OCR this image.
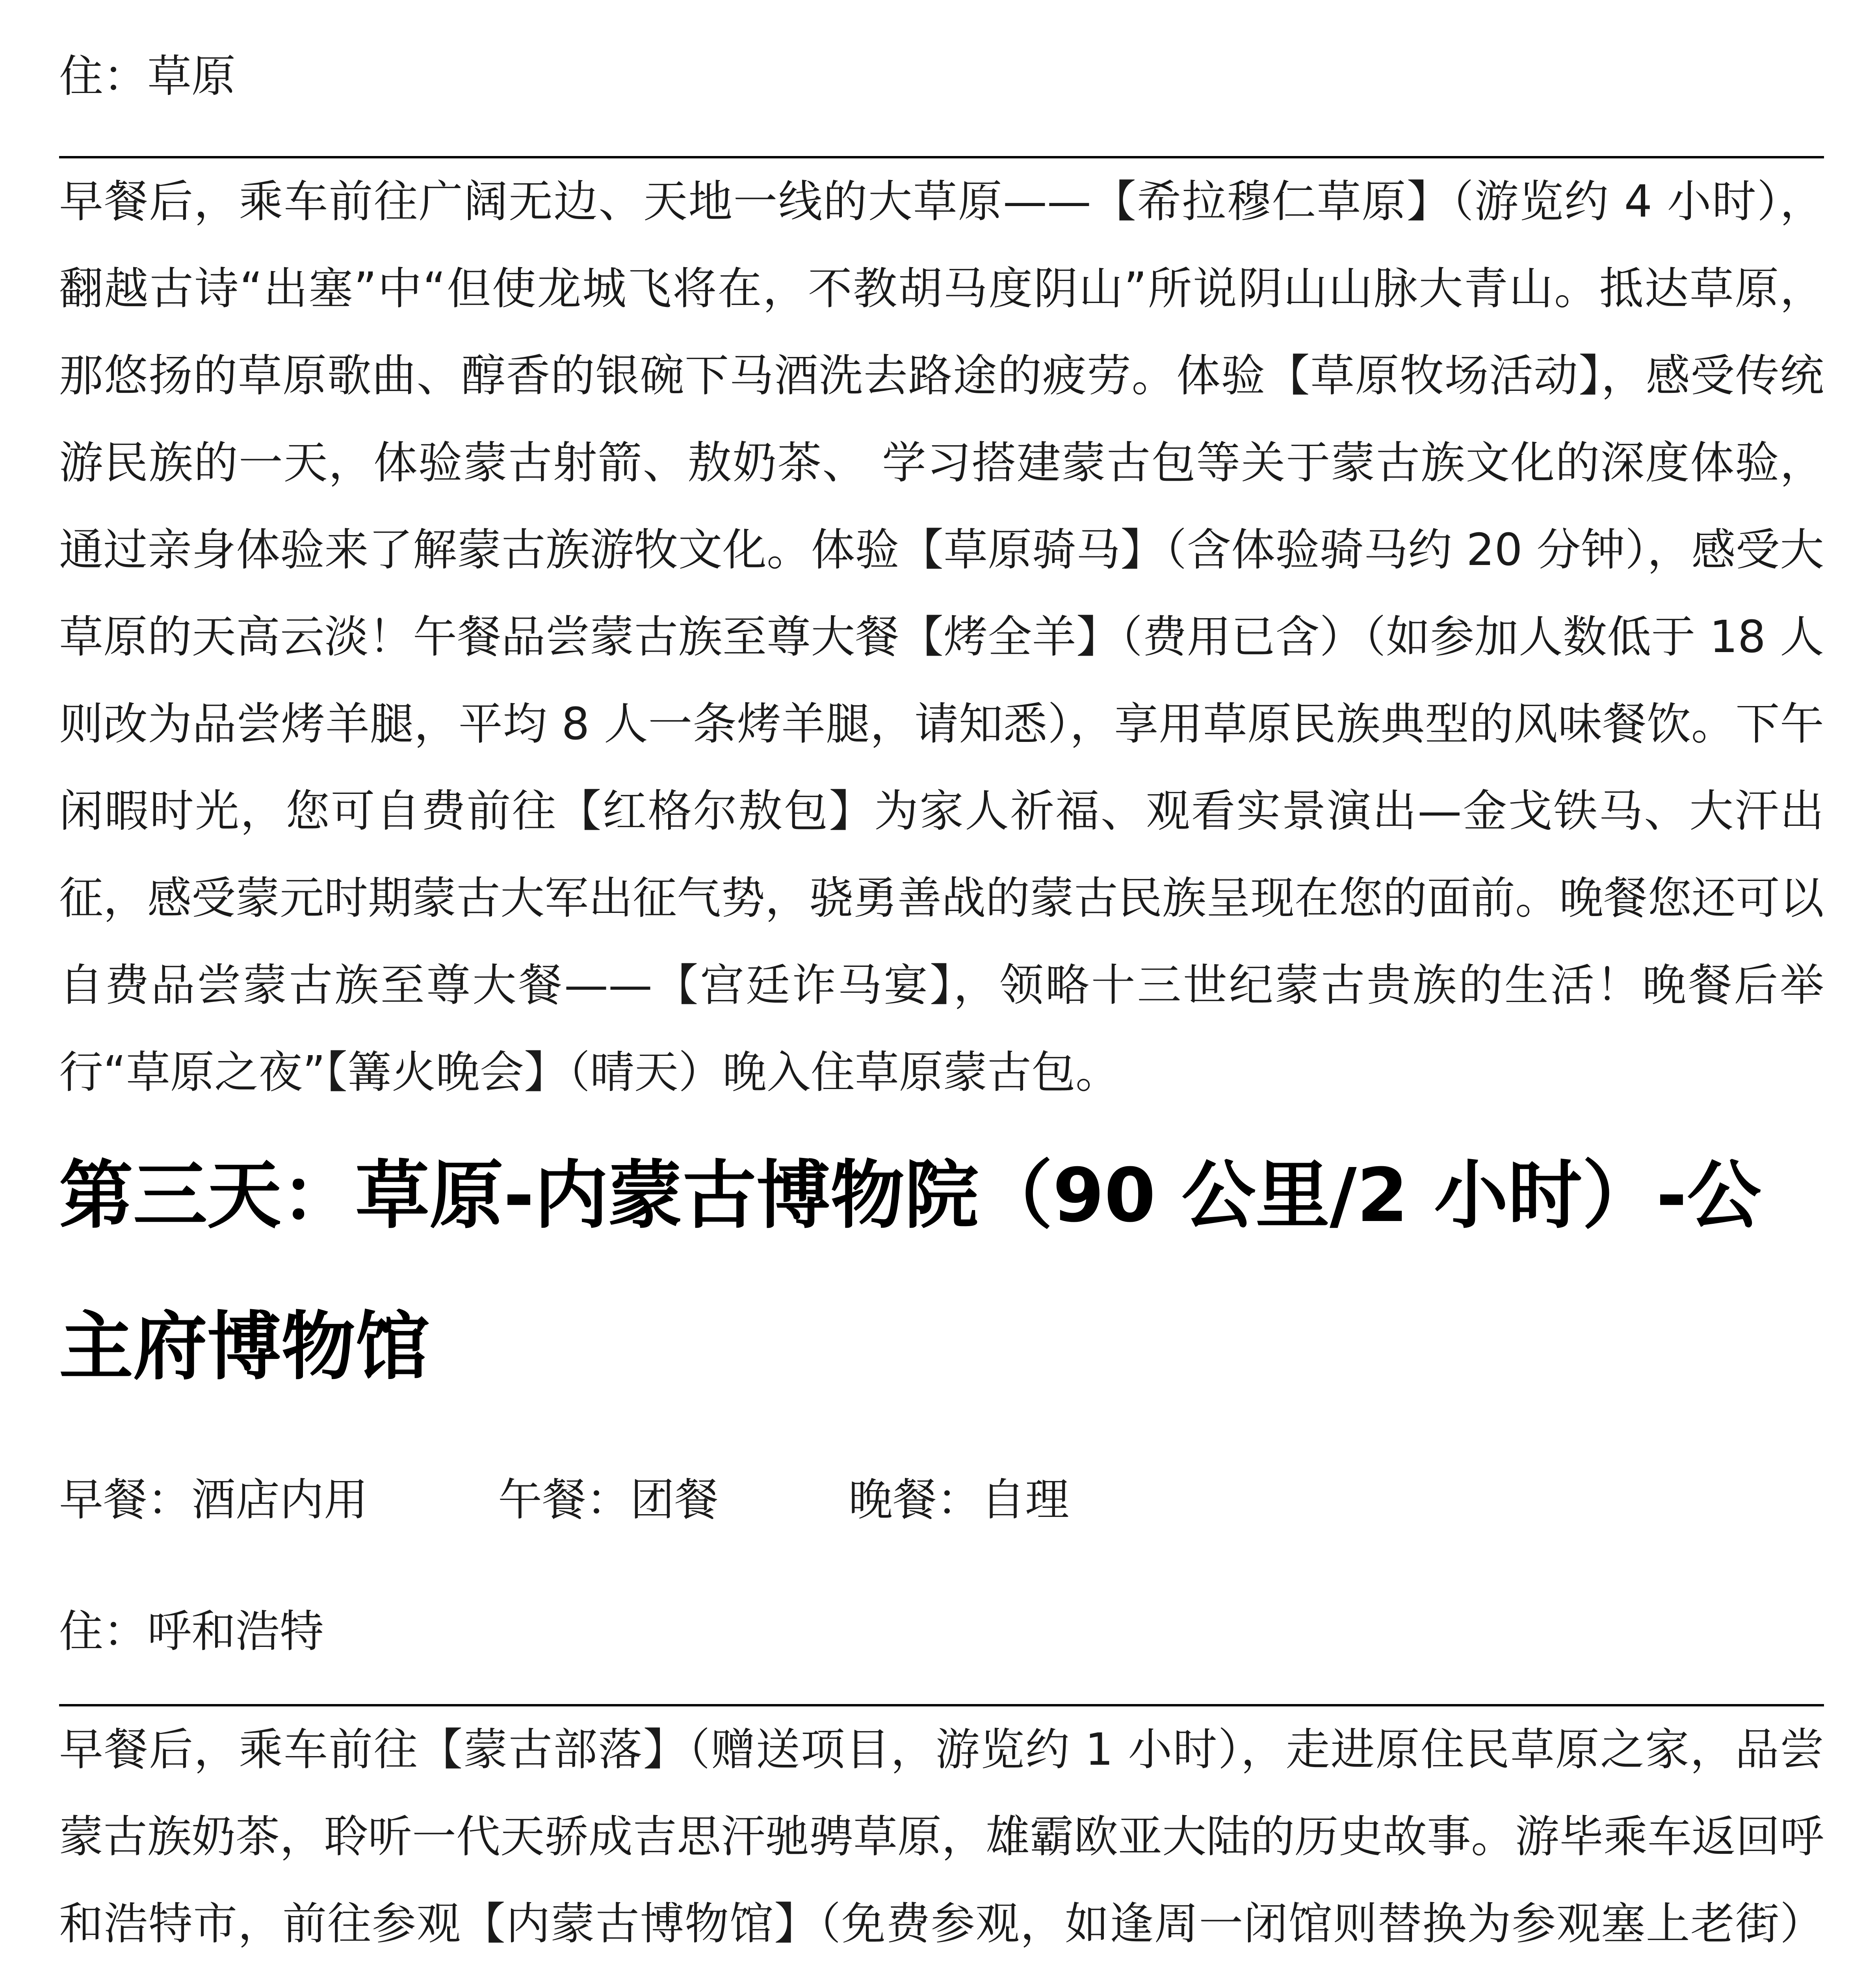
住：草原

早餐后，乘车前往广阔无边、天地一线的大草原——【希拉穆仁草原】（游览约 4 小时），翻越古诗“出塞”中“但使龙城飞将在，不教胡马度阴山”所说阴山山脉大青山。抵达草原，那悠扬的草原歌曲、醇香的银碗下马酒洗去路途的疲劳。体验【草原牧场活动】，感受传统游民族的一天，体验蒙古射箭、敖奶茶、 学习搭建蒙古包等关于蒙古族文化的深度体验，通过亲身体验来了解蒙古族游牧文化。体验【草原骑马】（含体验骑马约 20 分钟），感受大草原的天高云淡！午餐品尝蒙古族至尊大餐【烤全羊】（费用已含）（如参加人数低于 18 人则改为品尝烤羊腿，平均 8 人一条烤羊腿，请知悉），享用草原民族典型的风味餐饮。下午闲暇时光，您可自费前往【红格尔敖包】为家人祈福、观看实景演出—金戈铁马、大汗出征，感受蒙元时期蒙古大军出征气势，骁勇善战的蒙古民族呈现在您的面前。晚餐您还可以自费品尝蒙古族至尊大餐——【宫廷诈马宴】，领略十三世纪蒙古贵族的生活！晚餐后举行“草原之夜”【篝火晚会】（晴天）晚入住草原蒙古包。

第三天：草原-内蒙古博物院（90 公里/2 小时）-公主府博物馆
早餐：酒店内用	午餐：团餐	晚餐：自理

住：呼和浩特

早餐后，乘车前往【蒙古部落】（赠送项目，游览约 1 小时），走进原住民草原之家，品尝蒙古族奶茶，聆听一代天骄成吉思汗驰骋草原，雄霸欧亚大陆的历史故事。游毕乘车返回呼和浩特市，前往参观【内蒙古博物馆】（免费参观，如逢周一闭馆则替换为参观塞上老街）
